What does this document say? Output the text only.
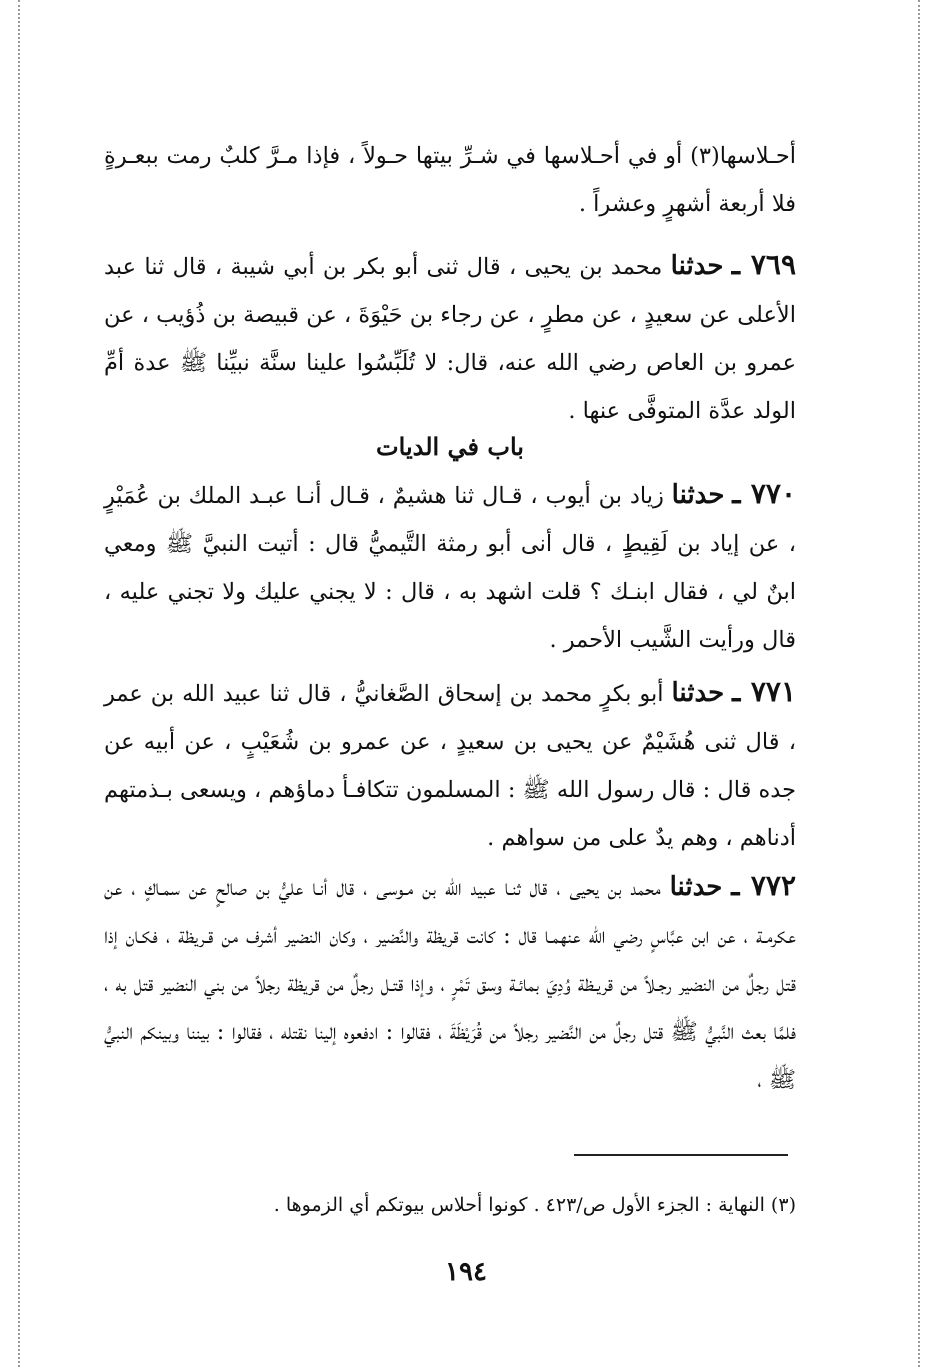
أحـلاسها(٣) أو في أحـلاسها في شـرِّ بيتها حـولاً ، فإذا مـرَّ كلبٌ رمت ببعـرةٍ فلا أربعة أشهرٍ وعشراً .

٧٦٩ ـ حدثنا محمد بن يحيى ، قال ثنى أبو بكر بن أبي شيبة ، قال ثنا عبد الأعلى عن سعيدٍ ، عن مطرٍ ، عن رجاء بن حَيْوَةَ ، عن قبيصة بن ذُؤيب ، عن عمرو بن العاص رضي الله عنه، قال: لا تُلَبِّسُوا علينا سنَّة نبيِّنا ﷺ عدة أمِّ الولد عدَّة المتوفَّى عنها .

باب في الديات

٧٧٠ ـ حدثنا زياد بن أيوب ، قـال ثنا هشيمٌ ، قـال أنـا عبـد الملك بن عُمَيْرٍ ، عن إياد بن لَقِيطٍ ، قال أنى أبو رمثة التَّيميُّ قال : أتيت النبيَّ ﷺ ومعي ابنٌ لي ، فقال ابنـك ؟ قلت اشهد به ، قال : لا يجني عليك ولا تجني عليه ، قال ورأيت الشَّيب الأحمر .

٧٧١ ـ حدثنا أبو بكرٍ محمد بن إسحاق الصَّغانيُّ ، قال ثنا عبيد الله بن عمر ، قال ثنى هُشَيْمٌ عن يحيى بن سعيدٍ ، عن عمرو بن شُعَيْبٍ ، عن أبيه عن جده قال : قال رسول الله ﷺ : المسلمون تتكافـأ دماؤهم ، ويسعى بـذمتهم أدناهم ، وهم يدٌ على من سواهم .

٧٧٢ ـ حدثنا محمد بن يحيى ، قال ثنـا عبيد الله بن مـوسى ، قال أنـا عليُّ بن صالحٍ عن سمـاكٍ ، عن عكرمـة ، عن ابن عبَّاسٍ رضي الله عنهمـا قال : كانت قريظة والنَّضير ، وكان النضير أشرف من قـريظة ، فكـان إذا قتل رجلٌ من النضير رجـلاً من قريـظة وُدِيَ بمائـة وسق تَمْرٍ ، وإذا قتـل رجلٌ من قريظة رجلاً من بني النضير قتل به ، فلمَّا بعث النَّبيُّ ﷺ قتل رجلٌ من النَّضير رجلاً من قُرَيْظَةَ ، فقالوا : ادفعوه إلينا نقتله ، فقالوا : بيننا وبينكم النبيُّ ﷺ ،

(٣) النهاية : الجزء الأول ص/٤٢٣ . كونوا أحلاس بيوتكم أي الزموها .
١٩٤
